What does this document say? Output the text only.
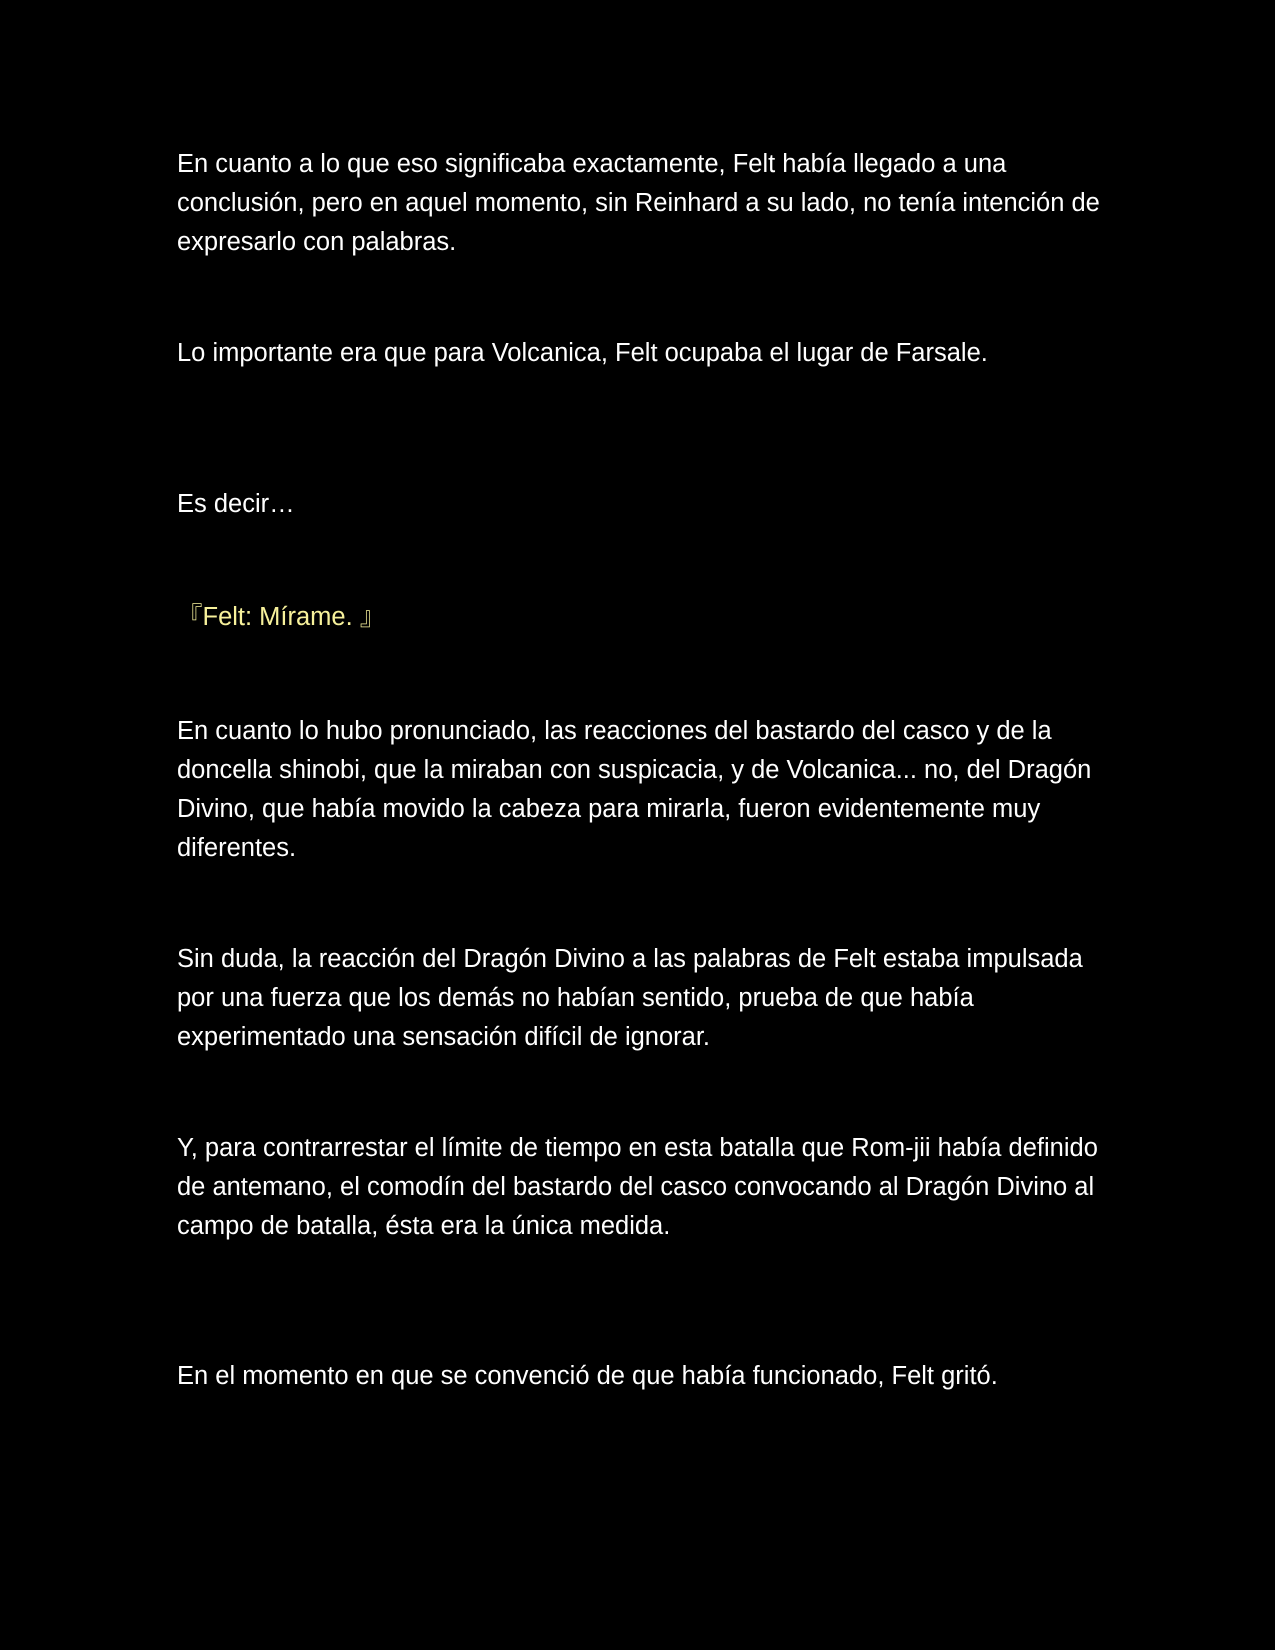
En cuanto a lo que eso significaba exactamente, Felt había llegado a una conclusión, pero en aquel momento, sin Reinhard a su lado, no tenía intención de expresarlo con palabras.

Lo importante era que para Volcanica, Felt ocupaba el lugar de Farsale.

Es decir…

『Felt: Mírame. 』

En cuanto lo hubo pronunciado, las reacciones del bastardo del casco y de la doncella shinobi, que la miraban con suspicacia, y de Volcanica... no, del Dragón Divino, que había movido la cabeza para mirarla, fueron evidentemente muy diferentes.

Sin duda, la reacción del Dragón Divino a las palabras de Felt estaba impulsada por una fuerza que los demás no habían sentido, prueba de que había experimentado una sensación difícil de ignorar.

Y, para contrarrestar el límite de tiempo en esta batalla que Rom-jii había definido de antemano, el comodín del bastardo del casco convocando al Dragón Divino al campo de batalla, ésta era la única medida.

En el momento en que se convenció de que había funcionado, Felt gritó.
